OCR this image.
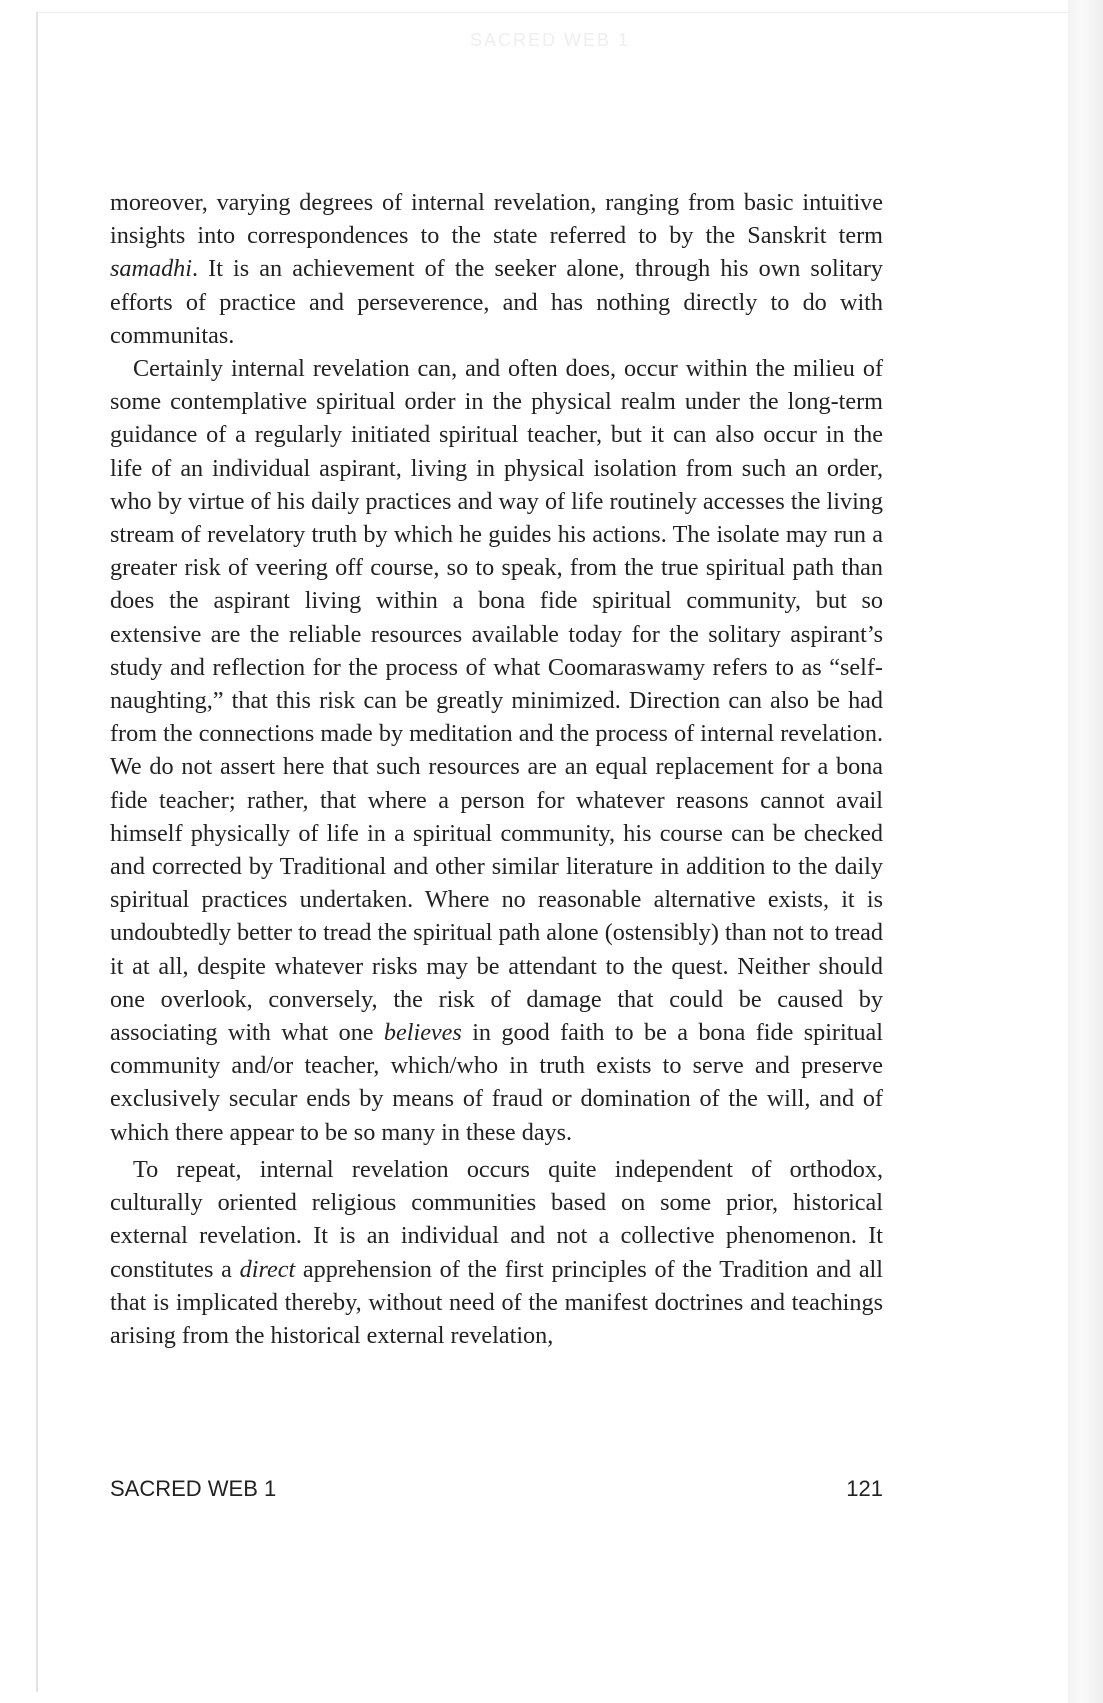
SACRED WEB 1

moreover, varying degrees of internal revelation, ranging from basic intuitive insights into correspondences to the state referred to by the Sanskrit term samadhi. It is an achievement of the seeker alone, through his own solitary efforts of practice and perseverence, and has nothing directly to do with communitas.

Certainly internal revelation can, and often does, occur within the milieu of some contemplative spiritual order in the physical realm under the long-term guidance of a regularly initiated spiritual teacher, but it can also occur in the life of an individual aspirant, living in physical isolation from such an order, who by virtue of his daily practices and way of life routinely accesses the living stream of revelatory truth by which he guides his actions. The isolate may run a greater risk of veering off course, so to speak, from the true spiritual path than does the aspirant living within a bona fide spiritual community, but so extensive are the reliable resources available today for the solitary aspirant’s study and reflection for the process of what Coomaraswamy refers to as “self-naughting,” that this risk can be greatly minimized. Direction can also be had from the connections made by meditation and the process of internal revelation. We do not assert here that such resources are an equal replacement for a bona fide teacher; rather, that where a person for whatever reasons cannot avail himself physically of life in a spiritual community, his course can be checked and corrected by Traditional and other similar literature in addition to the daily spiritual practices undertaken. Where no reasonable alternative exists, it is undoubtedly better to tread the spiritual path alone (ostensibly) than not to tread it at all, despite whatever risks may be attendant to the quest. Neither should one overlook, conversely, the risk of damage that could be caused by associating with what one believes in good faith to be a bona fide spiritual community and/or teacher, which/who in truth exists to serve and preserve exclusively secular ends by means of fraud or domination of the will, and of which there appear to be so many in these days.

To repeat, internal revelation occurs quite independent of orthodox, culturally oriented religious communities based on some prior, historical external revelation. It is an individual and not a collective phenomenon. It constitutes a direct apprehension of the first principles of the Tradition and all that is implicated thereby, without need of the manifest doctrines and teachings arising from the historical external revelation,

SACRED WEB 1	121
